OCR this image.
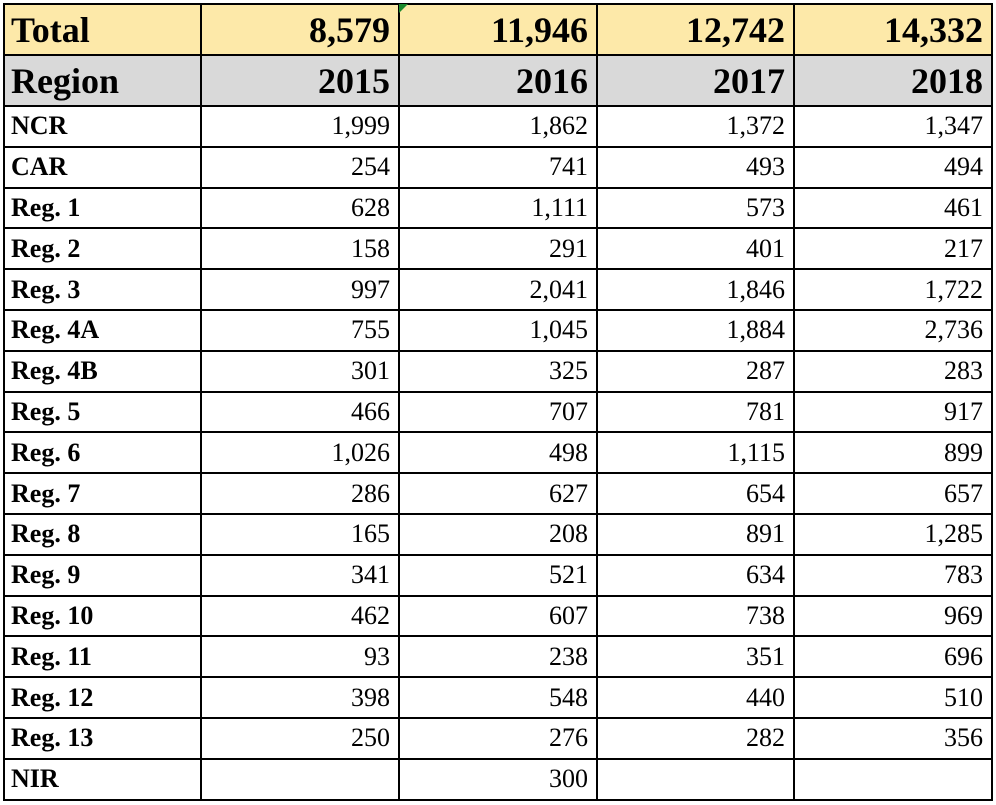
Total	8,579	11,946	12,742	14,332
Region	2015	2016	2017	2018
NCR	1,999	1,862	1,372	1,347
CAR	254	741	493	494
Reg. 1	628	1,111	573	461
Reg. 2	158	291	401	217
Reg. 3	997	2,041	1,846	1,722
Reg. 4A	755	1,045	1,884	2,736
Reg. 4B	301	325	287	283
Reg. 5	466	707	781	917
Reg. 6	1,026	498	1,115	899
Reg. 7	286	627	654	657
Reg. 8	165	208	891	1,285
Reg. 9	341	521	634	783
Reg. 10	462	607	738	969
Reg. 11	93	238	351	696
Reg. 12	398	548	440	510
Reg. 13	250	276	282	356
NIR		300		
